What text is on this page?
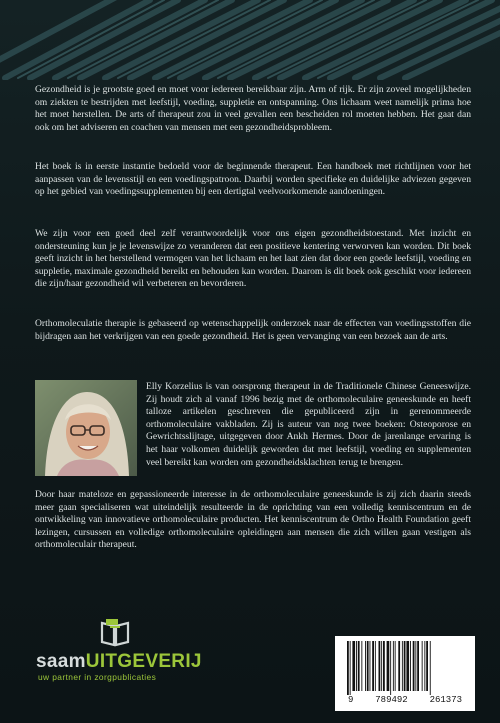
Gezondheid is je grootste goed en moet voor iedereen bereikbaar zijn. Arm of rijk. Er zijn zoveel mogelijkheden om ziekten te bestrijden met leefstijl, voeding, suppletie en ontspanning. Ons lichaam weet namelijk prima hoe het moet herstellen. De arts of therapeut zou in veel gevallen een bescheiden rol moeten hebben. Het gaat dan ook om het adviseren en coachen van mensen met een gezondheidsprobleem.
Het boek is in eerste instantie bedoeld voor de beginnende therapeut. Een handboek met richtlijnen voor het aanpassen van de levensstijl en een voedingspatroon. Daarbij worden specifieke en duidelijke adviezen gegeven op het gebied van voedingssupplementen bij een dertigtal veelvoorkomende aandoeningen.
We zijn voor een goed deel zelf verantwoordelijk voor ons eigen gezondheidstoestand. Met inzicht en ondersteuning kun je je levenswijze zo veranderen dat een positieve kentering verworven kan worden. Dit boek geeft inzicht in het herstellend vermogen van het lichaam en het laat zien dat door een goede leefstijl, voeding en suppletie, maximale gezondheid bereikt en behouden kan worden. Daarom is dit boek ook geschikt voor iedereen die zijn/haar gezondheid wil verbeteren en bevorderen.
Orthomoleculatie therapie is gebaseerd op wetenschappelijk onderzoek naar de effecten van voedingsstoffen die bijdragen aan het verkrijgen van een goede gezondheid. Het is geen vervanging van een bezoek aan de arts.
Elly Korzelius is van oorsprong therapeut in de Traditionele Chinese Geneeswijze. Zij houdt zich al vanaf 1996 bezig met de orthomoleculaire geneeskunde en heeft talloze artikelen geschreven die gepubliceerd zijn in gerenommeerde orthomoleculaire vakbladen. Zij is auteur van nog twee boeken: Osteoporose en Gewrichtsslijtage, uitgegeven door Ankh Hermes. Door de jarenlange ervaring is het haar volkomen duidelijk geworden dat met leefstijl, voeding en supplementen veel bereikt kan worden om gezondheidsklachten terug te brengen.
Door haar mateloze en gepassioneerde interesse in de orthomoleculaire geneeskunde is zij zich daarin steeds meer gaan specialiseren wat uiteindelijk resulteerde in de oprichting van een volledig kenniscentrum en de ontwikkeling van innovatieve orthomoleculaire producten. Het kenniscentrum de Ortho Health Foundation geeft lezingen, cursussen en volledige orthomoleculaire opleidingen aan mensen die zich willen gaan vestigen als orthomoleculair therapeut.
saamUITGEVERIJ
uw partner in zorgpublicaties
9 789492 261373
